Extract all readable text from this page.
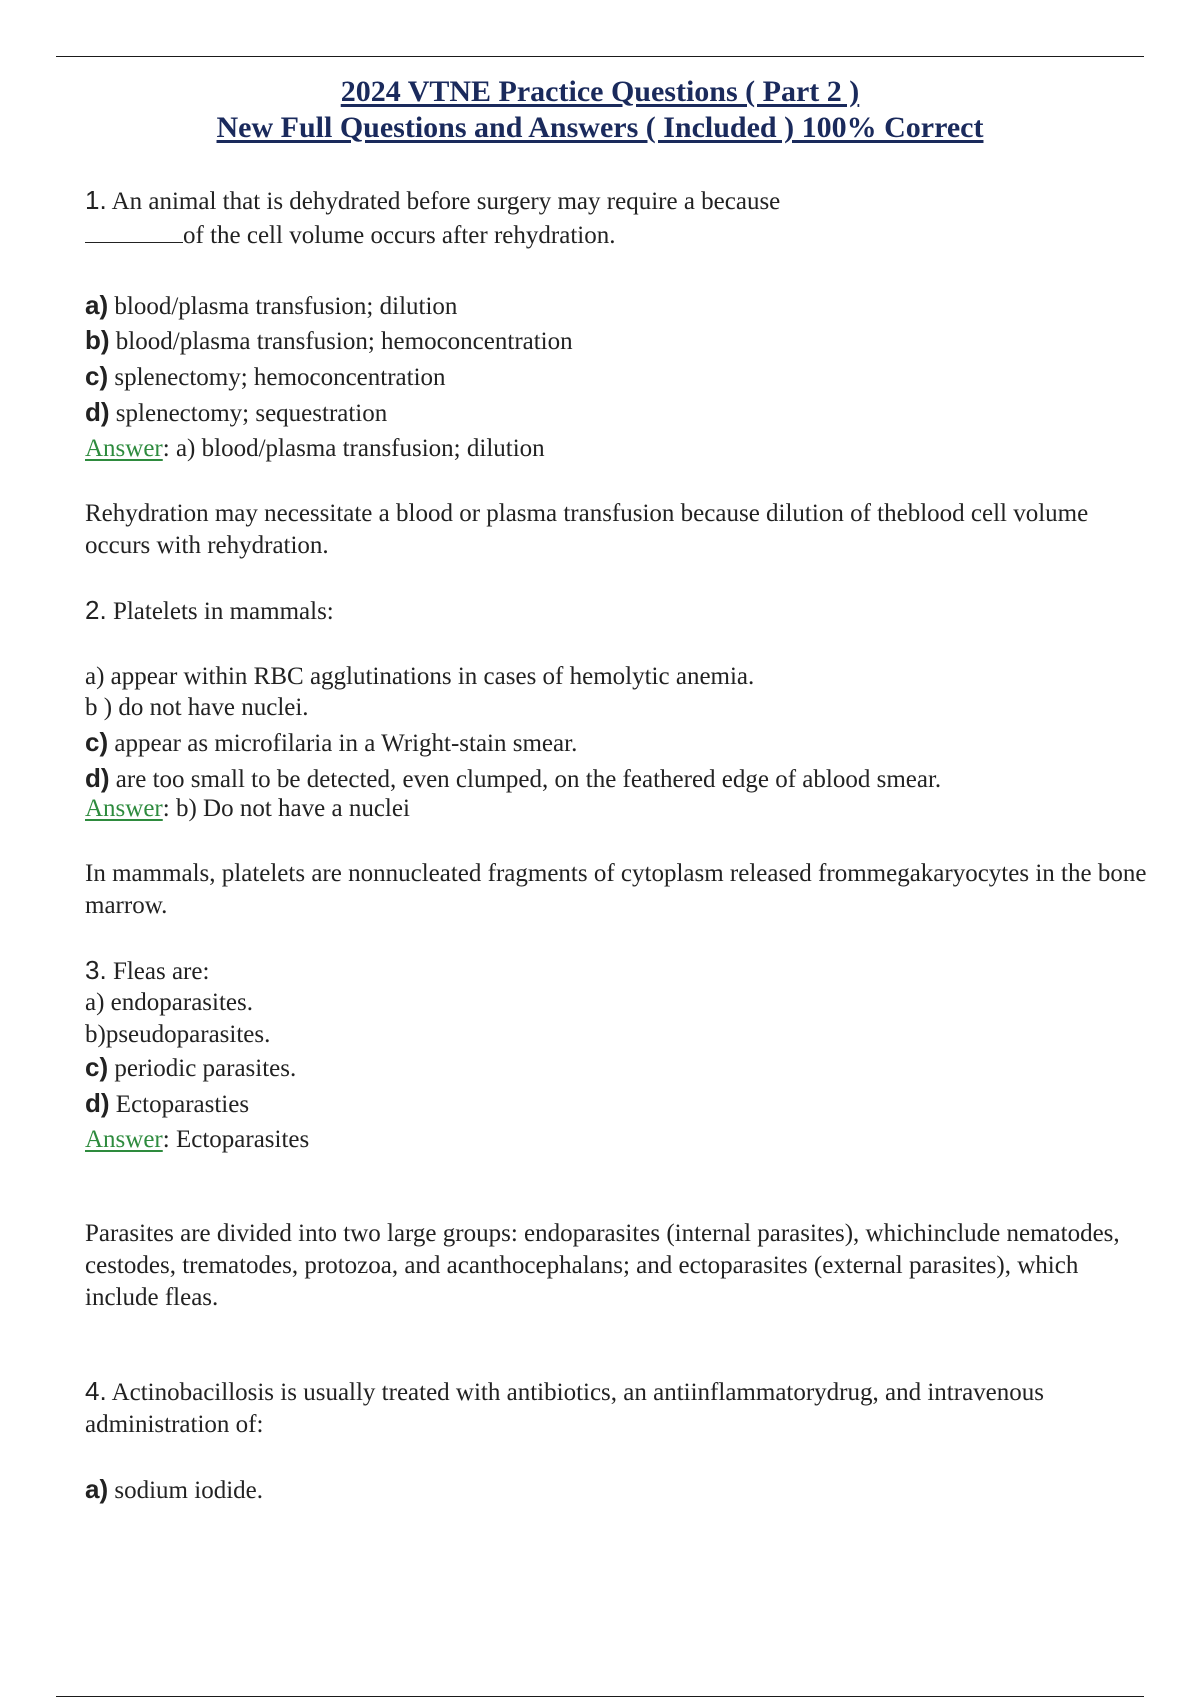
2024 VTNE Practice Questions ( Part 2 )
New Full Questions and Answers ( Included ) 100% Correct
1. An animal that is dehydrated before surgery may require a because
of the cell volume occurs after rehydration.
a) blood/plasma transfusion; dilution
b) blood/plasma transfusion; hemoconcentration
c) splenectomy; hemoconcentration
d) splenectomy; sequestration
Answer: a) blood/plasma transfusion; dilution
Rehydration may necessitate a blood or plasma transfusion because dilution of theblood cell volume occurs with rehydration.
2. Platelets in mammals:
a) appear within RBC agglutinations in cases of hemolytic anemia.
b ) do not have nuclei.
c) appear as microfilaria in a Wright-stain smear.
d) are too small to be detected, even clumped, on the feathered edge of ablood smear.
Answer: b) Do not have a nuclei
In mammals, platelets are nonnucleated fragments of cytoplasm released frommegakaryocytes in the bone marrow.
3. Fleas are:
a) endoparasites.
b)pseudoparasites.
c) periodic parasites.
d) Ectoparasties
Answer: Ectoparasites
Parasites are divided into two large groups: endoparasites (internal parasites), whichinclude nematodes, cestodes, trematodes, protozoa, and acanthocephalans; and ectoparasites (external parasites), which include fleas.
4. Actinobacillosis is usually treated with antibiotics, an antiinflammatorydrug, and intravenous administration of:
a) sodium iodide.
